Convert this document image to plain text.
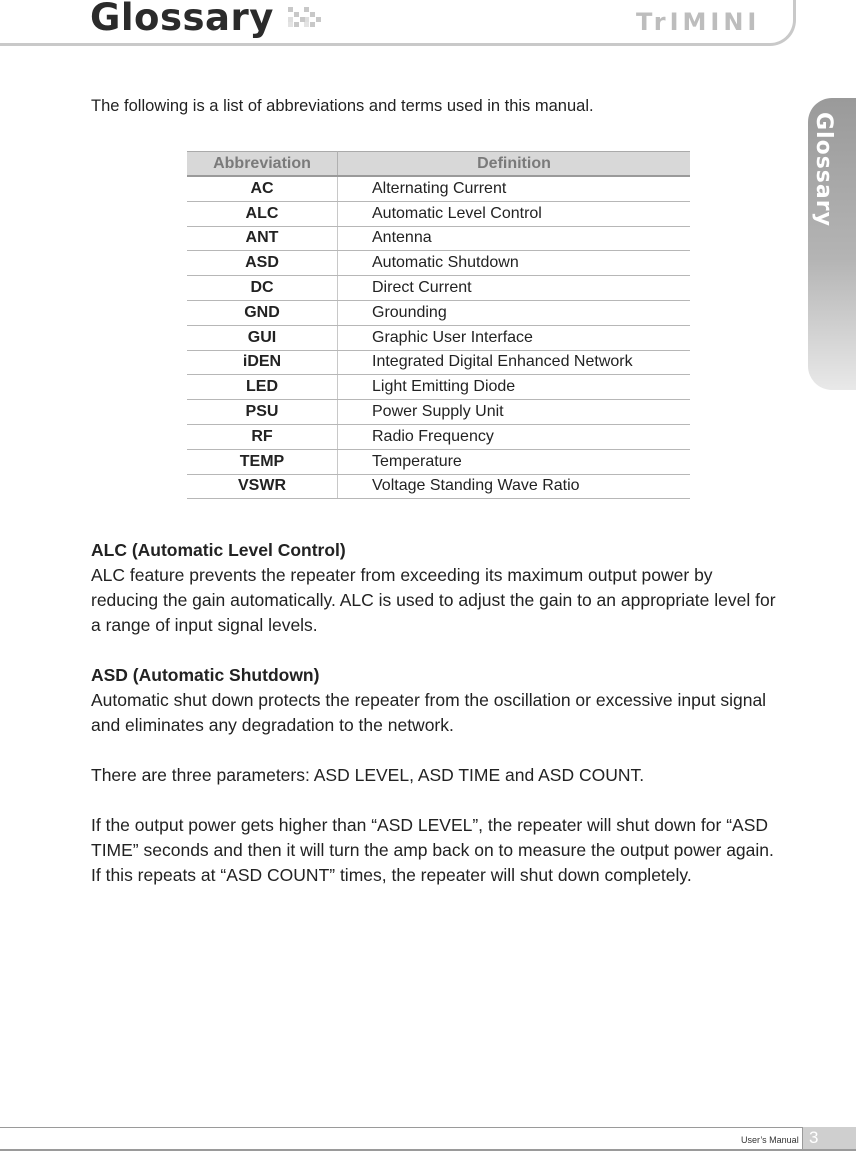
Glossary	TrIMINI
Glossary
The following is a list of abbreviations and terms used in this manual.
Abbreviation	Definition
AC	Alternating Current
ALC	Automatic Level Control
ANT	Antenna
ASD	Automatic Shutdown
DC	Direct Current
GND	Grounding
GUI	Graphic User Interface
iDEN	Integrated Digital Enhanced Network
LED	Light Emitting Diode
PSU	Power Supply Unit
RF	Radio Frequency
TEMP	Temperature
VSWR	Voltage Standing Wave Ratio

ALC (Automatic Level Control)

ALC feature prevents the repeater from exceeding its maximum output power by reducing the gain automatically. ALC is used to adjust the gain to an appropriate level for a range of input signal levels.

ASD (Automatic Shutdown)

Automatic shut down protects the repeater from the oscillation or excessive input signal and eliminates any degradation to the network.

There are three parameters: ASD LEVEL, ASD TIME and ASD COUNT.

If the output power gets higher than “ASD LEVEL”, the repeater will shut down for “ASD TIME” seconds and then it will turn the amp back on to measure the output power again. If this repeats at “ASD COUNT” times, the repeater will shut down completely.

User’s Manual 3
